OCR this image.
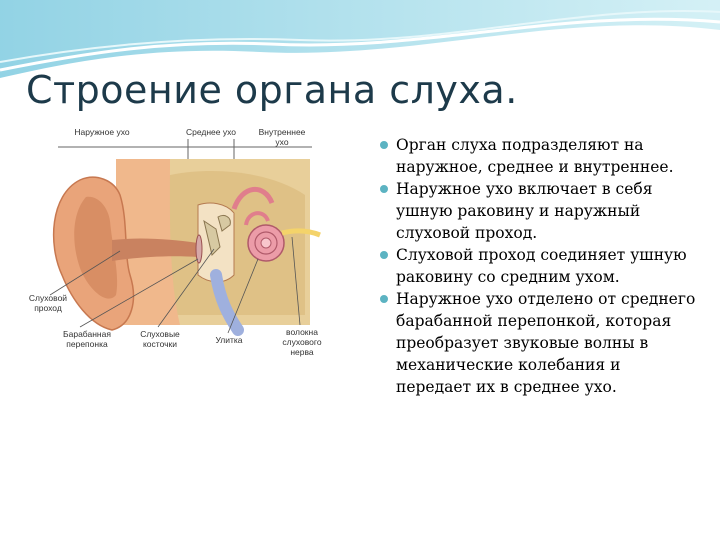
Строение органа слуха.
Наружное ухо	Среднее ухо	Внутреннее ухо
Слуховой проход
Барабанная перепонка
Слуховые косточки	Улитка
волокна слухового нерва
Орган слуха подразделяют на наружное, среднее и внутреннее.
Наружное ухо включает в себя ушную раковину и наружный слуховой проход.
Слуховой проход соединяет ушную раковину со средним ухом.
Наружное ухо отделено от среднего барабанной перепонкой, которая преобразует звуковые волны в механические колебания и передает их в среднее ухо.
